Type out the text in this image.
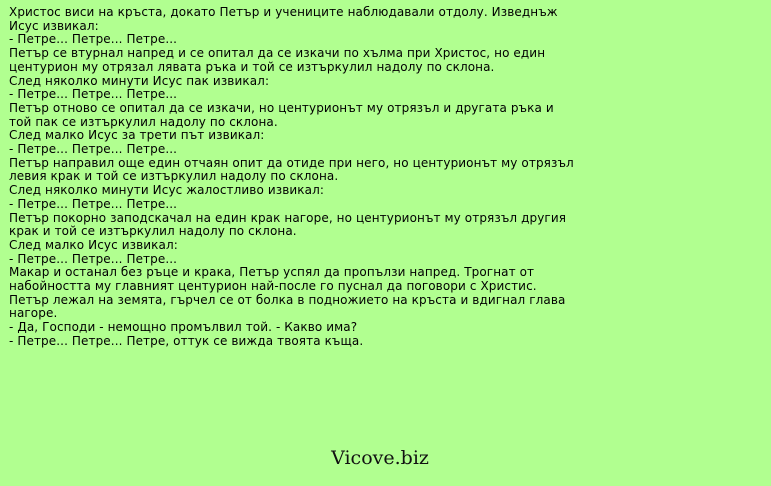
Христос виси на кръста, докато Петър и учениците наблюдавали отдолу. Изведнъж
Исус извикал:
- Петре... Петре... Петре...
Петър се втурнал напред и се опитал да се изкачи по хълма при Христос, но един
центурион му отрязал лявата ръка и той се изтъркулил надолу по склона.
След няколко минути Исус пак извикал:
- Петре... Петре... Петре...
Петър отново се опитал да се изкачи, но центурионът му отрязъл и другата ръка и
той пак се изтъркулил надолу по склона.
След малко Исус за трети път извикал:
- Петре... Петре... Петре...
Петър направил още един отчаян опит да отиде при него, но центурионът му отрязъл
левия крак и той се изтъркулил надолу по склона.
След няколко минути Исус жалостливо извикал:
- Петре... Петре... Петре...
Петър покорно заподскачал на един крак нагоре, но центурионът му отрязъл другия
крак и той се изтъркулил надолу по склона.
След малко Исус извикал:
- Петре... Петре... Петре...
Макар и останал без ръце и крака, Петър успял да пропълзи напред. Трогнат от
набойността му главният центурион най-после го пуснал да поговори с Христис.
Петър лежал на земята, гърчел се от болка в подножието на кръста и вдигнал глава
нагоре.
- Да, Господи - немощно промълвил той. - Какво има?
- Петре... Петре... Петре, оттук се вижда твоята къща.
Vicove.biz
